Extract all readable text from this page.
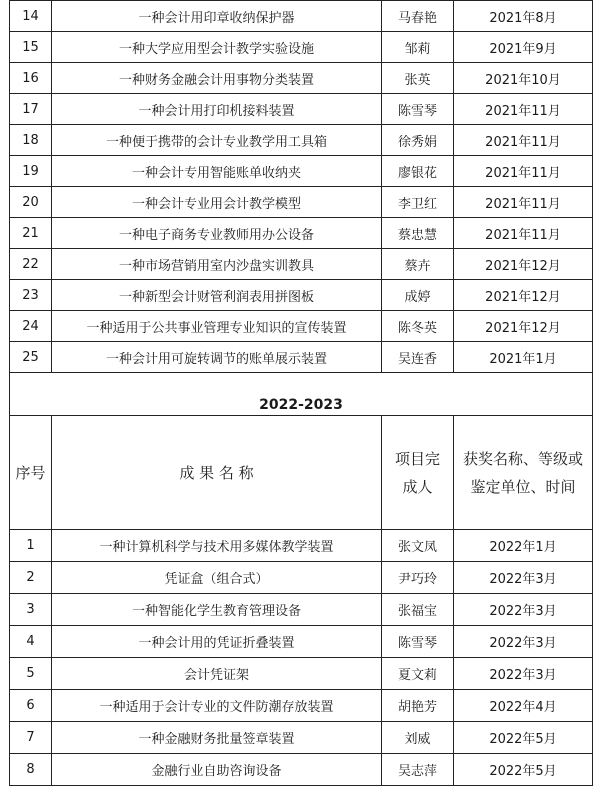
14	一种会计用印章收纳保护器	马春艳	2021年8月
15	一种大学应用型会计教学实验设施	邹莉	2021年9月
16	一种财务金融会计用事物分类装置	张英	2021年10月
17	一种会计用打印机接料装置	陈雪琴	2021年11月
18	一种便于携带的会计专业教学用工具箱	徐秀娟	2021年11月
19	一种会计专用智能账单收纳夹	廖银花	2021年11月
20	一种会计专业用会计教学模型	李卫红	2021年11月
21	一种电子商务专业教师用办公设备	蔡忠慧	2021年11月
22	一种市场营销用室内沙盘实训教具	蔡卉	2021年12月
23	一种新型会计财管利润表用拼图板	成婷	2021年12月
24	一种适用于公共事业管理专业知识的宣传装置	陈冬英	2021年12月
25	一种会计用可旋转调节的账单展示装置	吴连香	2021年1月
2022-2023			
序号	成 果 名 称	项目完成人	获奖名称、等级或鉴定单位、时间
1	一种计算机科学与技术用多媒体教学装置	张文凤	2022年1月
2	凭证盒（组合式）	尹巧玲	2022年3月
3	一种智能化学生教育管理设备	张福宝	2022年3月
4	一种会计用的凭证折叠装置	陈雪琴	2022年3月
5	会计凭证架	夏文莉	2022年3月
6	一种适用于会计专业的文件防潮存放装置	胡艳芳	2022年4月
7	一种金融财务批量签章装置	刘威	2022年5月
8	金融行业自助咨询设备	吴志萍	2022年5月
